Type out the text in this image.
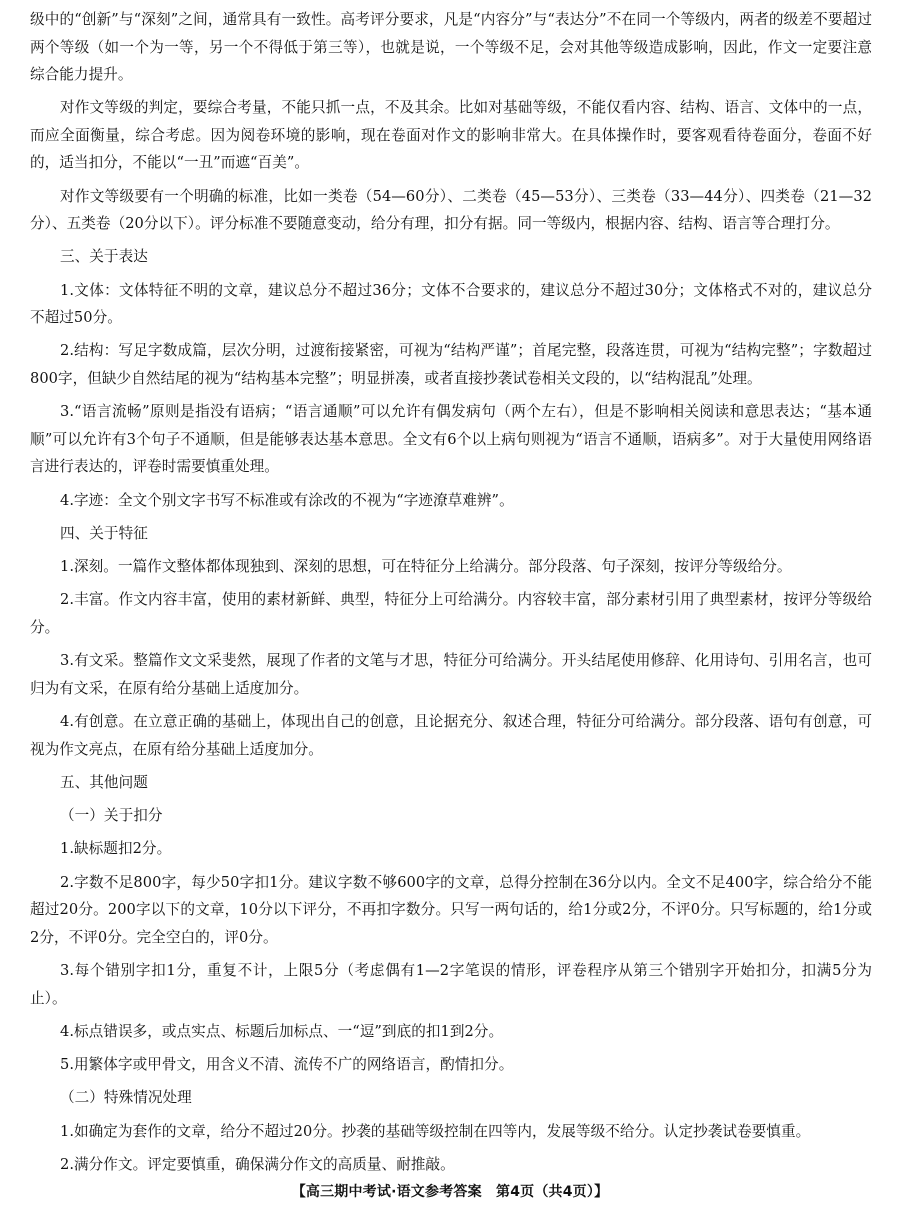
级中的“创新”与“深刻”之间，通常具有一致性。高考评分要求，凡是“内容分”与“表达分”不在同一个等级内，两者的级差不要超过两个等级（如一个为一等，另一个不得低于第三等），也就是说，一个等级不足，会对其他等级造成影响，因此，作文一定要注意综合能力提升。

对作文等级的判定，要综合考量，不能只抓一点，不及其余。比如对基础等级，不能仅看内容、结构、语言、文体中的一点，而应全面衡量，综合考虑。因为阅卷环境的影响，现在卷面对作文的影响非常大。在具体操作时，要客观看待卷面分，卷面不好的，适当扣分，不能以“一丑”而遮“百美”。

对作文等级要有一个明确的标准，比如一类卷（54—60分）、二类卷（45—53分）、三类卷（33—44分）、四类卷（21—32分）、五类卷（20分以下）。评分标准不要随意变动，给分有理，扣分有据。同一等级内，根据内容、结构、语言等合理打分。

三、关于表达

1.文体：文体特征不明的文章，建议总分不超过36分；文体不合要求的，建议总分不超过30分；文体格式不对的，建议总分不超过50分。

2.结构：写足字数成篇，层次分明，过渡衔接紧密，可视为“结构严谨”；首尾完整，段落连贯，可视为“结构完整”；字数超过800字，但缺少自然结尾的视为“结构基本完整”；明显拼凑，或者直接抄袭试卷相关文段的，以“结构混乱”处理。

3.“语言流畅”原则是指没有语病；“语言通顺”可以允许有偶发病句（两个左右），但是不影响相关阅读和意思表达；“基本通顺”可以允许有3个句子不通顺，但是能够表达基本意思。全文有6个以上病句则视为“语言不通顺，语病多”。对于大量使用网络语言进行表达的，评卷时需要慎重处理。

4.字迹：全文个别文字书写不标准或有涂改的不视为“字迹潦草难辨”。

四、关于特征

1.深刻。一篇作文整体都体现独到、深刻的思想，可在特征分上给满分。部分段落、句子深刻，按评分等级给分。

2.丰富。作文内容丰富，使用的素材新鲜、典型，特征分上可给满分。内容较丰富，部分素材引用了典型素材，按评分等级给分。

3.有文采。整篇作文文采斐然，展现了作者的文笔与才思，特征分可给满分。开头结尾使用修辞、化用诗句、引用名言，也可归为有文采，在原有给分基础上适度加分。

4.有创意。在立意正确的基础上，体现出自己的创意，且论据充分、叙述合理，特征分可给满分。部分段落、语句有创意，可视为作文亮点，在原有给分基础上适度加分。

五、其他问题

（一）关于扣分

1.缺标题扣2分。

2.字数不足800字，每少50字扣1分。建议字数不够600字的文章，总得分控制在36分以内。全文不足400字，综合给分不能超过20分。200字以下的文章，10分以下评分，不再扣字数分。只写一两句话的，给1分或2分，不评0分。只写标题的，给1分或2分，不评0分。完全空白的，评0分。

3.每个错别字扣1分，重复不计，上限5分（考虑偶有1—2字笔误的情形，评卷程序从第三个错别字开始扣分，扣满5分为止）。

4.标点错误多，或点实点、标题后加标点、一“逗”到底的扣1到2分。

5.用繁体字或甲骨文，用含义不清、流传不广的网络语言，酌情扣分。

（二）特殊情况处理

1.如确定为套作的文章，给分不超过20分。抄袭的基础等级控制在四等内，发展等级不给分。认定抄袭试卷要慎重。

2.满分作文。评定要慎重，确保满分作文的高质量、耐推敲。

【高三期中考试·语文参考答案　第4页（共4页）】
